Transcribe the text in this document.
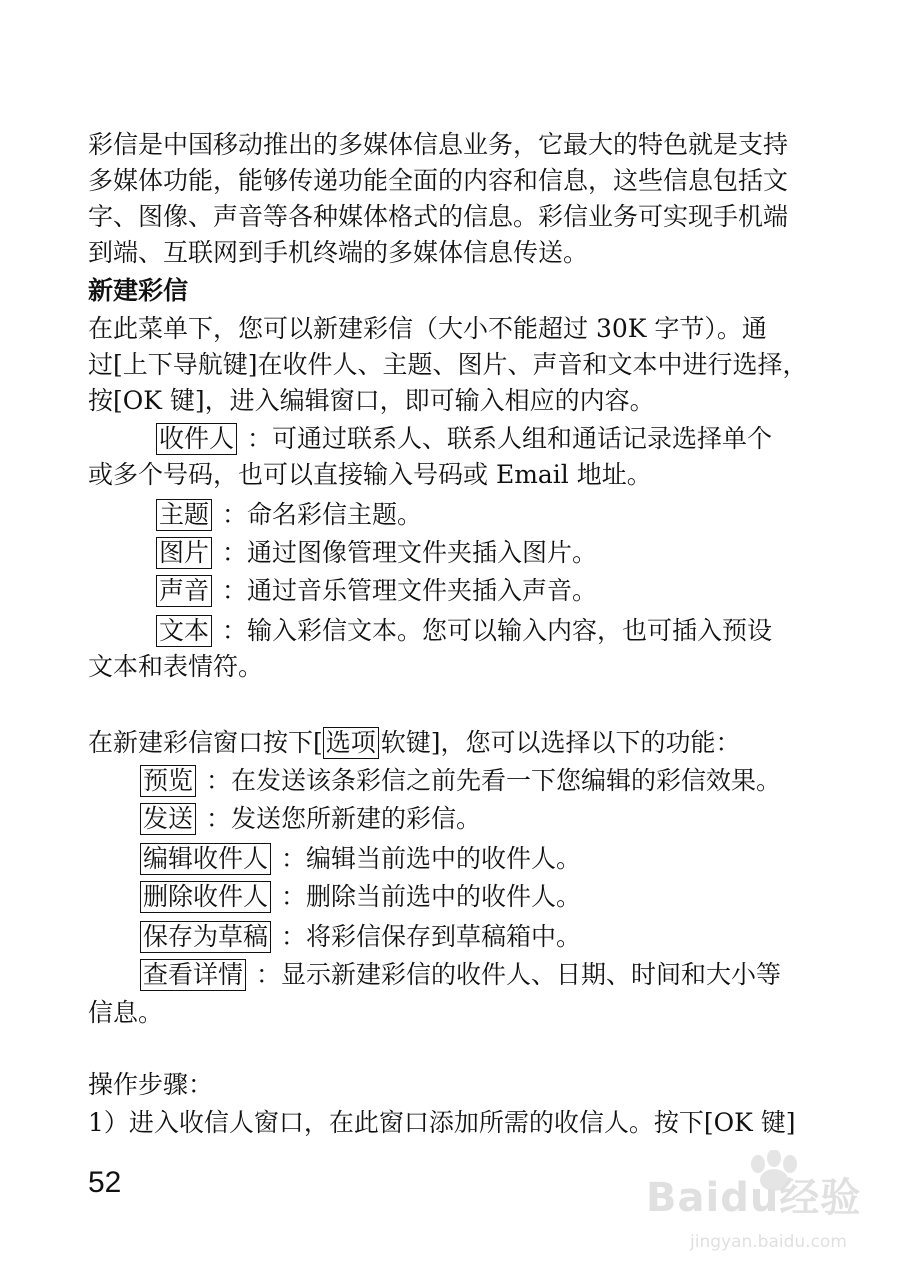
彩信是中国移动推出的多媒体信息业务，它最大的特色就是支持
多媒体功能，能够传递功能全面的内容和信息，这些信息包括文
字、图像、声音等各种媒体格式的信息。彩信业务可实现手机端
到端、互联网到手机终端的多媒体信息传送。
新建彩信
在此菜单下，您可以新建彩信（大小不能超过 30K 字节）。通
过[上下导航键]在收件人、主题、图片、声音和文本中进行选择，
按[OK 键]，进入编辑窗口，即可输入相应的内容。
收件人 ：可通过联系人、联系人组和通话记录选择单个
或多个号码，也可以直接输入号码或 Email 地址。
主题 ：命名彩信主题。
图片 ：通过图像管理文件夹插入图片。
声音 ：通过音乐管理文件夹插入声音。
文本 ：输入彩信文本。您可以输入内容，也可插入预设
文本和表情符。
在新建彩信窗口按下[ 选项 软键]，您可以选择以下的功能：
预览 ：在发送该条彩信之前先看一下您编辑的彩信效果。
发送 ：发送您所新建的彩信。
编辑收件人 ：编辑当前选中的收件人。
删除收件人 ：删除当前选中的收件人。
保存为草稿 ：将彩信保存到草稿箱中。
查看详情 ：显示新建彩信的收件人、日期、时间和大小等
信息。
操作步骤：
1）进入收信人窗口，在此窗口添加所需的收信人。按下[OK 键]
52	Baidu经验
jingyan.baidu.com
